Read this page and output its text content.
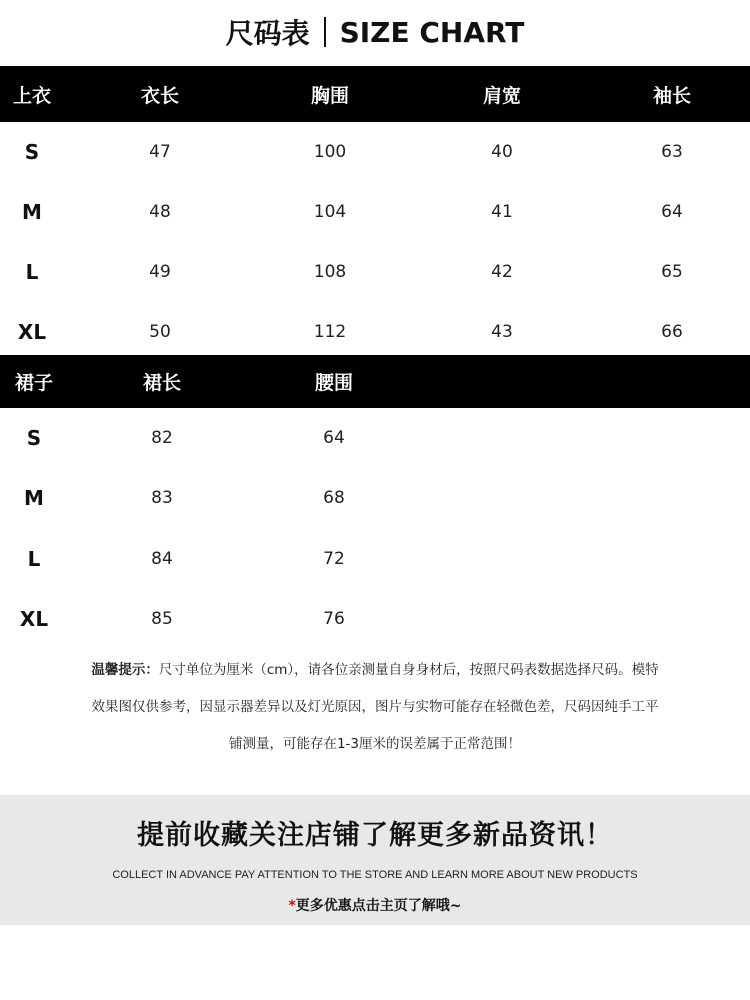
尺码表 SIZE CHART
上衣	衣长	胸围	肩宽	袖长
S	47	100	40	63
M	48	104	41	64
L	49	108	42	65
XL	50	112	43	66
裙子	裙长	腰围
S	82	64
M	83	68
L	84	72
XL	85	76
温馨提示：尺寸单位为厘米（cm），请各位亲测量自身身材后，按照尺码表数据选择尺码。模特
效果图仅供参考，因显示器差异以及灯光原因，图片与实物可能存在轻微色差，尺码因纯手工平
铺测量，可能存在1-3厘米的误差属于正常范围！
提前收藏关注店铺了解更多新品资讯！
COLLECT IN ADVANCE PAY ATTENTION TO THE STORE AND LEARN MORE ABOUT NEW PRODUCTS
*更多优惠点击主页了解哦~
